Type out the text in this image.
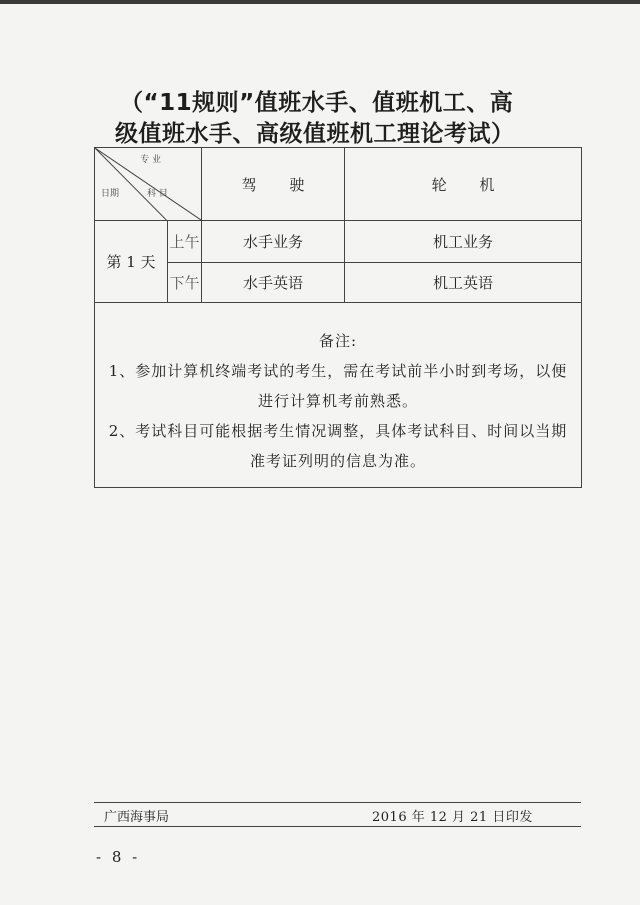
（“11规则”值班水手、值班机工、高
级值班水手、高级值班机工理论考试）
专 业
科 目
日期		驾 驶	轮 机
第 1 天	上午	水手业务	机工业务
	下午	水手英语	机工英语

备注:

1、参加计算机终端考试的考生，需在考试前半小时到考场，以便进行计算机考前熟悉。

2、考试科目可能根据考生情况调整，具体考试科目、时间以当期准考证列明的信息为准。			

广西海事局	2016 年 12 月 21 日印发
- 8 -
